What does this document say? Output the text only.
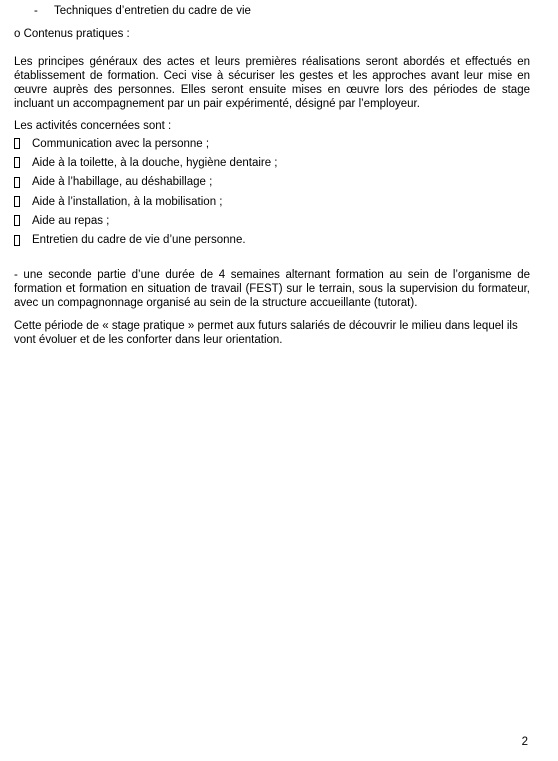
- Techniques d’entretien du cadre de vie
o Contenus pratiques :
Les principes généraux des actes et leurs premières réalisations seront abordés et effectués en établissement de formation. Ceci vise à sécuriser les gestes et les approches avant leur mise en œuvre auprès des personnes. Elles seront ensuite mises en œuvre lors des périodes de stage incluant un accompagnement par un pair expérimenté, désigné par l’employeur.
Les activités concernées sont :
Communication avec la personne ;
Aide à la toilette, à la douche, hygiène dentaire ;
Aide à l’habillage, au déshabillage ;
Aide à l’installation, à la mobilisation ;
Aide au repas ;
Entretien du cadre de vie d’une personne.
- une seconde partie d’une durée de 4 semaines alternant formation au sein de l’organisme de formation et formation en situation de travail (FEST) sur le terrain, sous la supervision du formateur, avec un compagnonnage organisé au sein de la structure accueillante (tutorat).
Cette période de « stage pratique » permet aux futurs salariés de découvrir le milieu dans lequel ils vont évoluer et de les conforter dans leur orientation.
2
